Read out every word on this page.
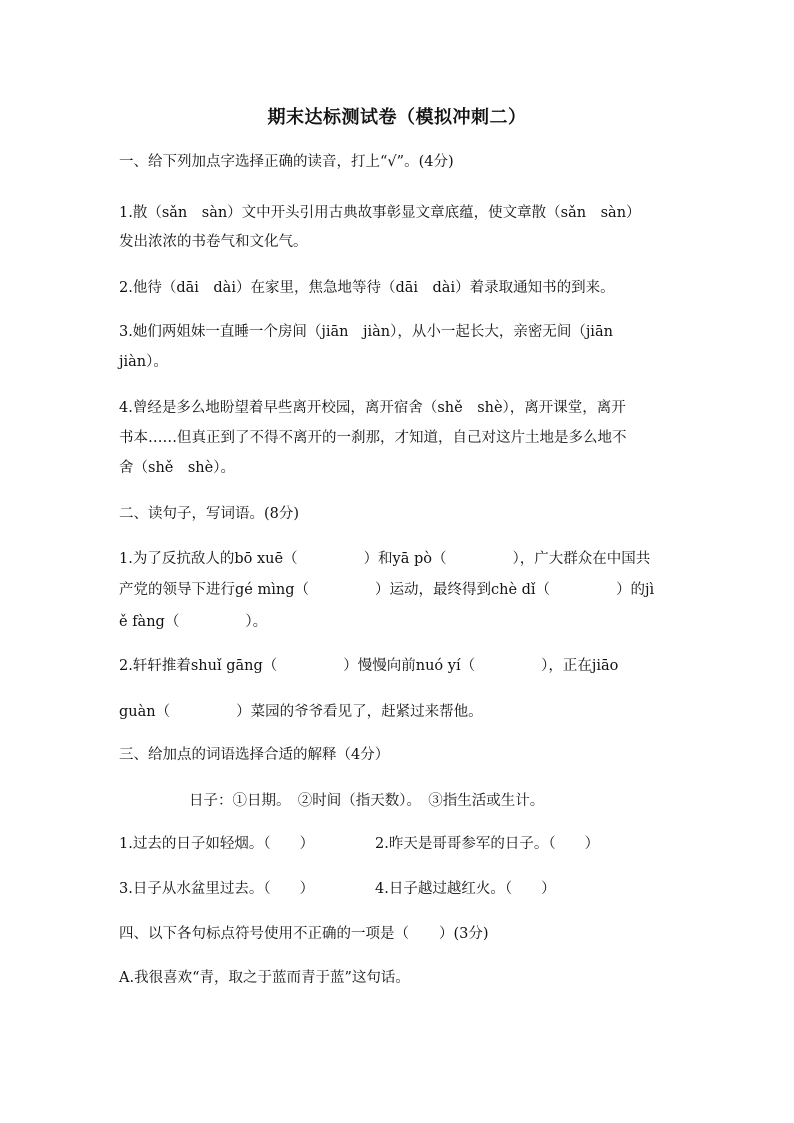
期末达标测试卷（模拟冲刺二）
一、给下列加点字选择正确的读音，打上“√”。(4分)
1.散（sǎn　sàn）文中开头引用古典故事彰显文章底蕴，使文章散（sǎn　sàn）
发出浓浓的书卷气和文化气。
2.他待（dāi　dài）在家里，焦急地等待（dāi　dài）着录取通知书的到来。
3.她们两姐妹一直睡一个房间（jiān　jiàn），从小一起长大，亲密无间（jiān
jiàn）。
4.曾经是多么地盼望着早些离开校园，离开宿舍（shě　shè），离开课堂，离开
书本……但真正到了不得不离开的一刹那，才知道，自己对这片土地是多么地不
舍（shě　shè）。
二、读句子，写词语。(8分)
1.为了反抗敌人的bō xuē（	）和yā pò（	），广大群众在中国共
产党的领导下进行gé mìng（	）运动，最终得到chè dǐ（	）的jì
ě fàng（	）。
2.轩轩推着shuǐ gāng（	）慢慢向前nuó yí（	），正在jiāo
guàn（	）菜园的爷爷看见了，赶紧过来帮他。
三、给加点的词语选择合适的解释（4分）
日子：①日期。　②时间（指天数）。　③指生活或生计。
1.过去的日子如轻烟。（　　）	2.昨天是哥哥参军的日子。（　　）
3.日子从水盆里过去。（　　）	4.日子越过越红火。（　　）
四、以下各句标点符号使用不正确的一项是（ ）(3分)
A.我很喜欢“青，取之于蓝而青于蓝”这句话。
